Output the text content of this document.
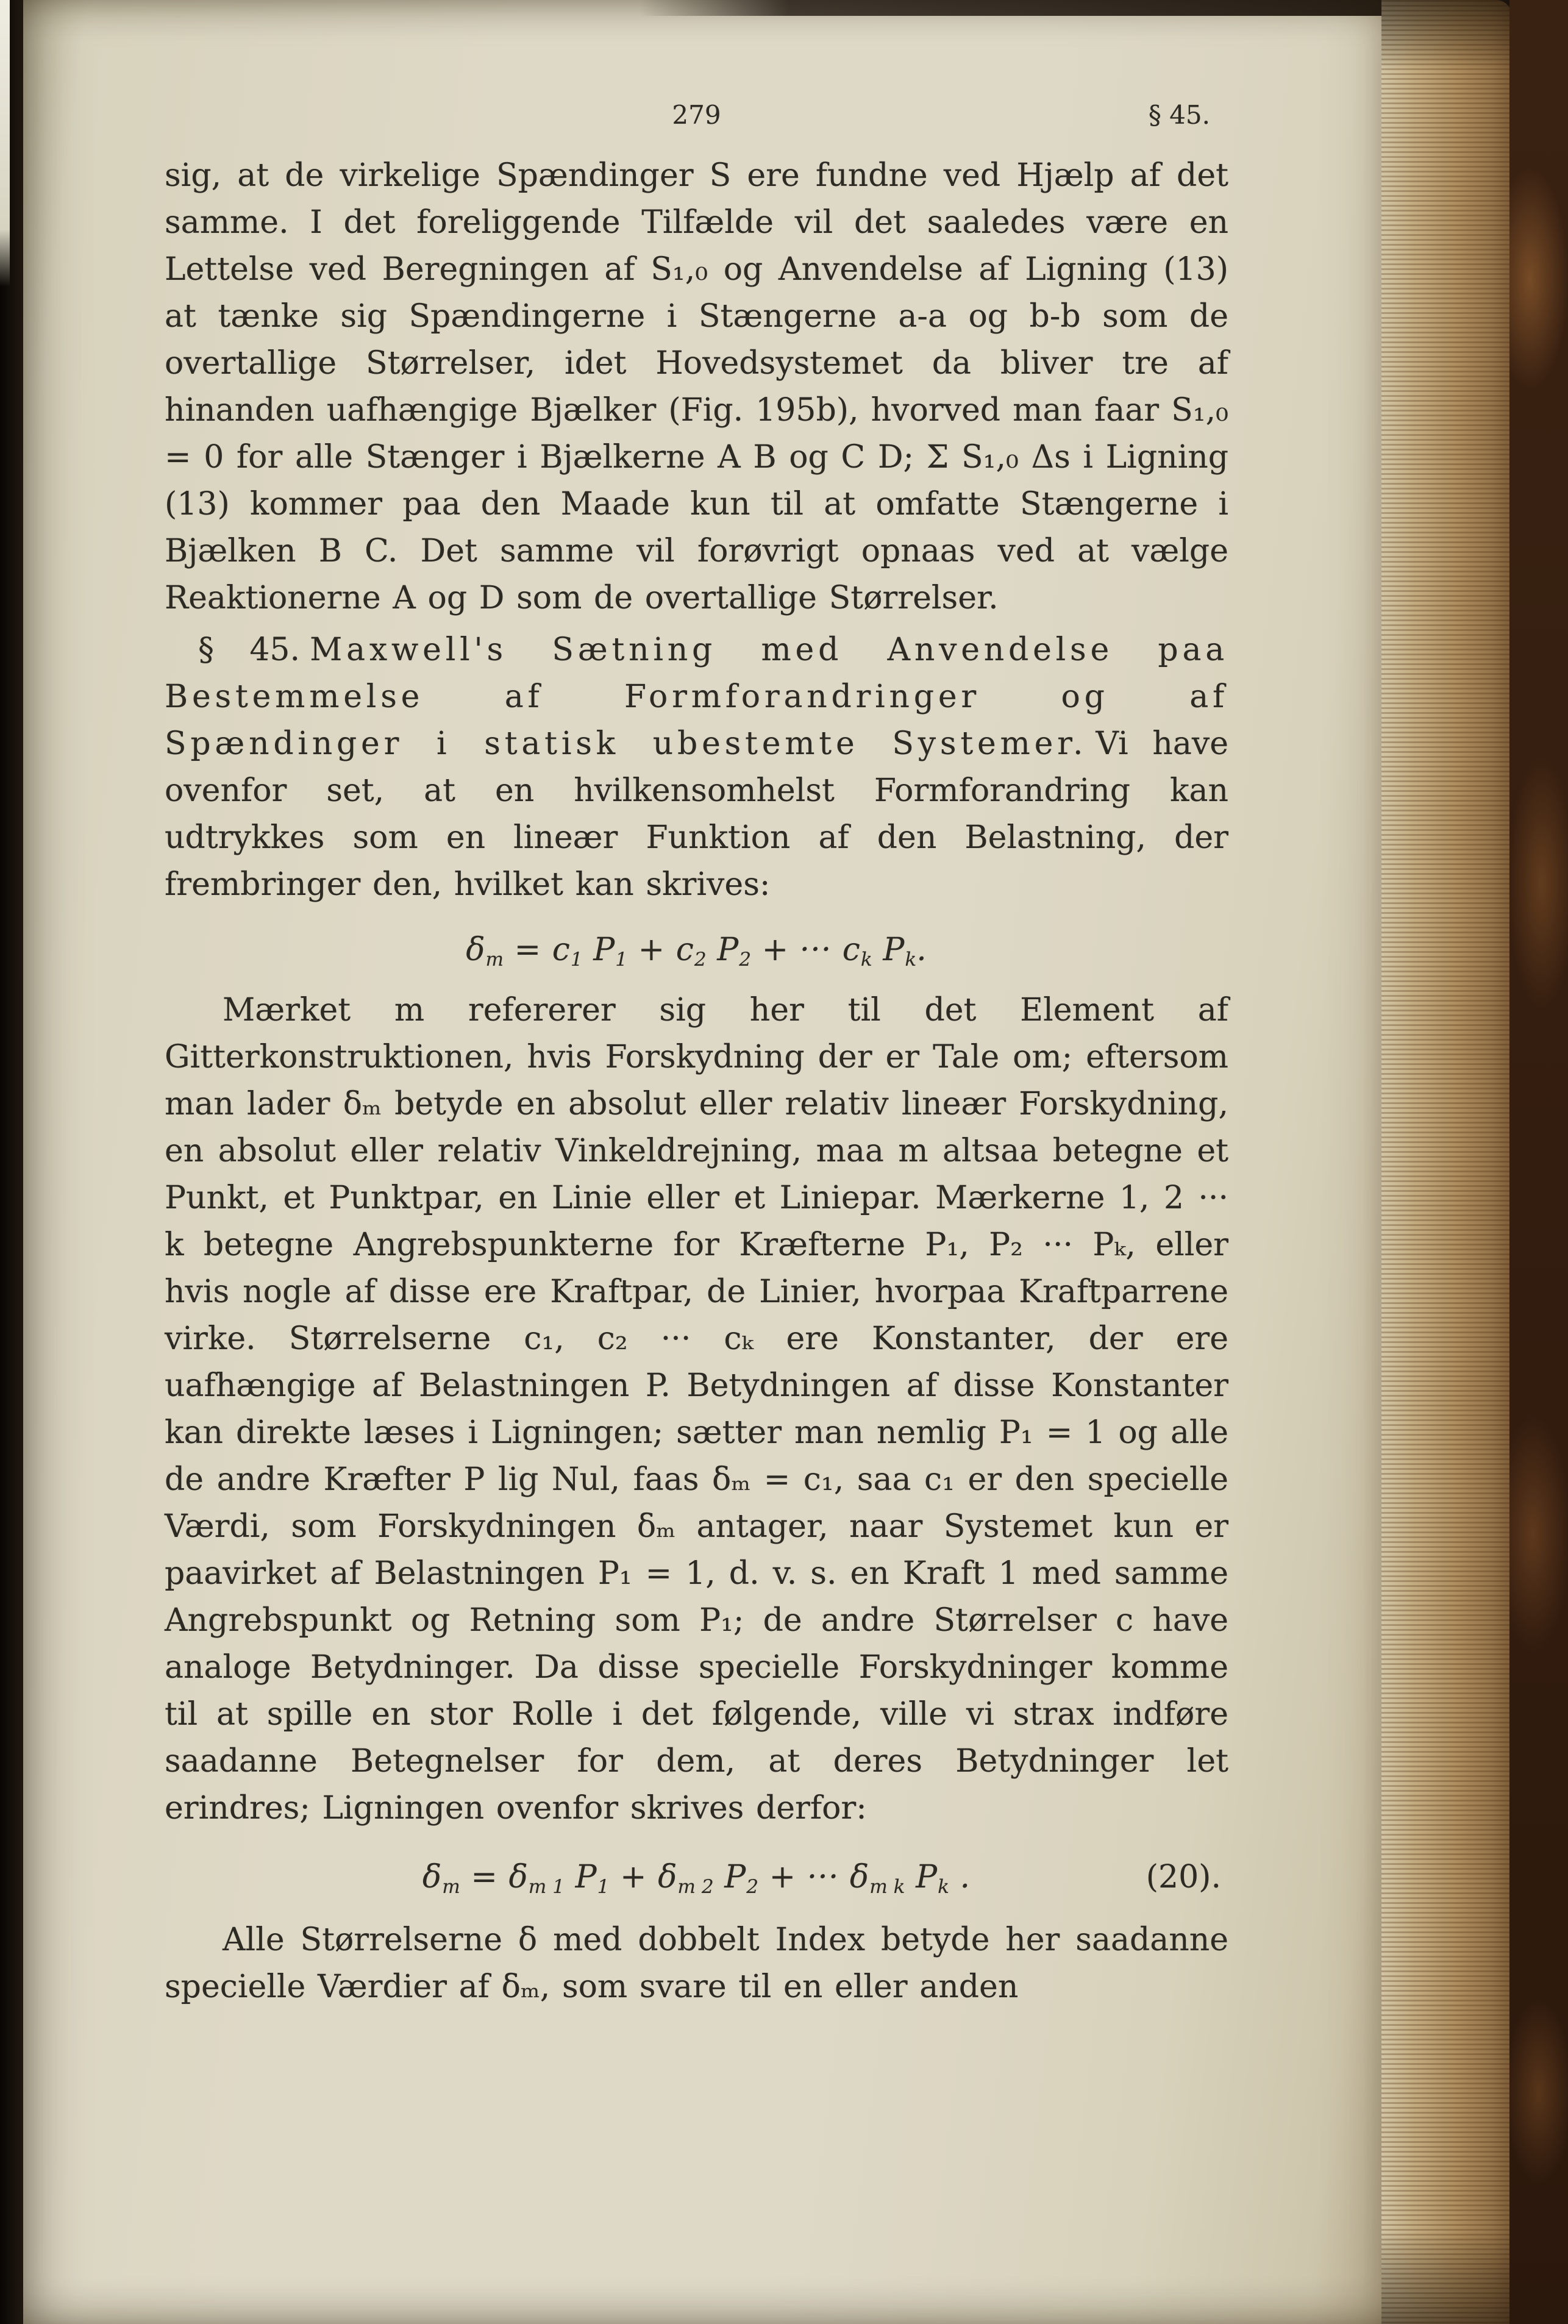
279	§ 45.

sig, at de virkelige Spændinger S ere fundne ved Hjælp af det samme. I det foreliggende Tilfælde vil det saaledes være en Lettelse ved Beregningen af S₁,₀ og Anvendelse af Ligning (13) at tænke sig Spændingerne i Stængerne a-a og b-b som de overtallige Størrelser, idet Hovedsystemet da bliver tre af hinanden uafhængige Bjælker (Fig. 195b), hvorved man faar S₁,₀ = 0 for alle Stænger i Bjælkerne A B og C D; Σ S₁,₀ Δs i Ligning (13) kommer paa den Maade kun til at omfatte Stængerne i Bjælken B C. Det samme vil forøvrigt opnaas ved at vælge Reaktionerne A og D som de overtallige Størrelser.

§ 45. Maxwell's Sætning med Anvendelse paa Bestemmelse af Formforandringer og af Spændinger i statisk ubestemte Systemer. Vi have ovenfor set, at en hvilkensomhelst Formforandring kan udtrykkes som en lineær Funktion af den Belastning, der frembringer den, hvilket kan skrives:

$\delta_m = c_1$ $P_1 + c_2$ $P_2$ + ··· $c_k$ $P_k$.

Mærket m refererer sig her til det Element af Gitterkonstruktionen, hvis Forskydning der er Tale om; eftersom man lader δₘ betyde en absolut eller relativ lineær Forskydning, en absolut eller relativ Vinkeldrejning, maa m altsaa betegne et Punkt, et Punktpar, en Linie eller et Liniepar. Mærkerne 1, 2 ··· k betegne Angrebspunkterne for Kræfterne P₁, P₂ ··· Pₖ, eller hvis nogle af disse ere Kraftpar, de Linier, hvorpaa Kraftparrene virke. Størrelserne c₁, c₂ ··· cₖ ere Konstanter, der ere uafhængige af Belastningen P. Betydningen af disse Konstanter kan direkte læses i Ligningen; sætter man nemlig P₁ = 1 og alle de andre Kræfter P lig Nul, faas δₘ = c₁, saa c₁ er den specielle Værdi, som Forskydningen δₘ antager, naar Systemet kun er paavirket af Belastningen P₁ = 1, d. v. s. en Kraft 1 med samme Angrebspunkt og Retning som P₁; de andre Størrelser c have analoge Betydninger. Da disse specielle Forskydninger komme til at spille en stor Rolle i det følgende, ville vi strax indføre saadanne Betegnelser for dem, at deres Betydninger let erindres; Ligningen ovenfor skrives derfor:

$\delta_m = \delta_{m 1}$ $P_1 + \delta_{m 2}$ $P_2$ + ··· $\delta_{m k}$ $P_k$ .	(20).

Alle Størrelserne δ med dobbelt Index betyde her saadanne specielle Værdier af δₘ, som svare til en eller anden
